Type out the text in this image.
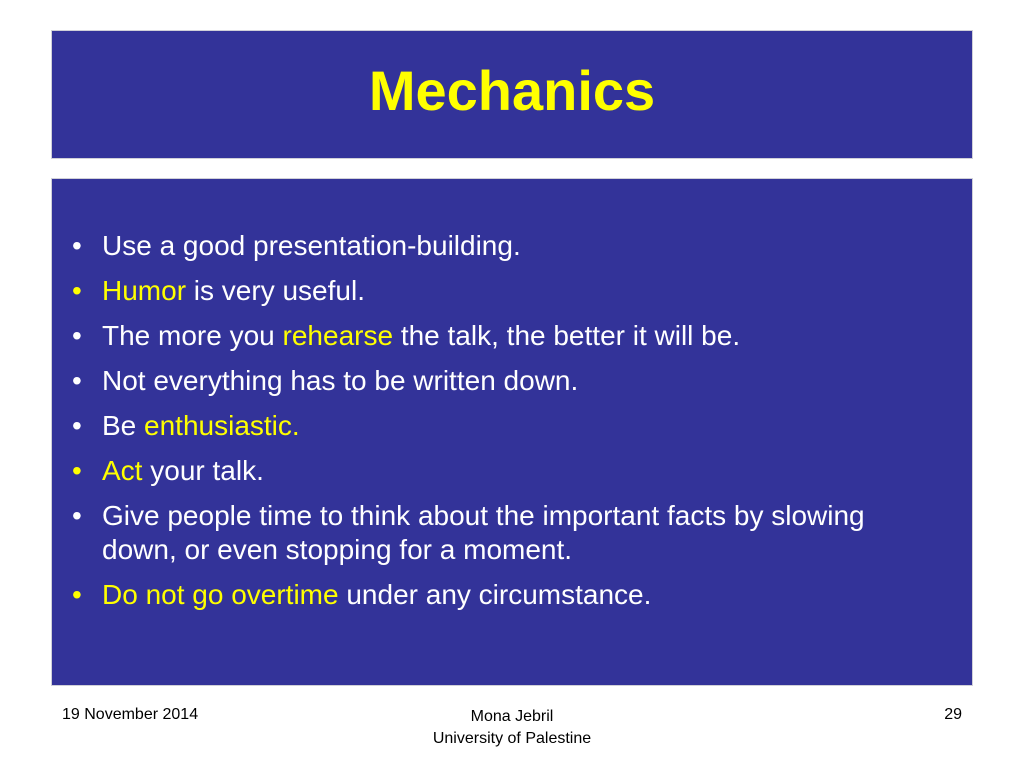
Mechanics
• Use a good presentation-building.
• Humor is very useful.
• The more you rehearse the talk, the better it will be.
• Not everything has to be written down.
• Be enthusiastic.
• Act your talk.
• Give people time to think about the important facts by slowing down, or even stopping for a moment.
• Do not go overtime under any circumstance.
19 November 2014	Mona Jebril
University of Palestine
29
